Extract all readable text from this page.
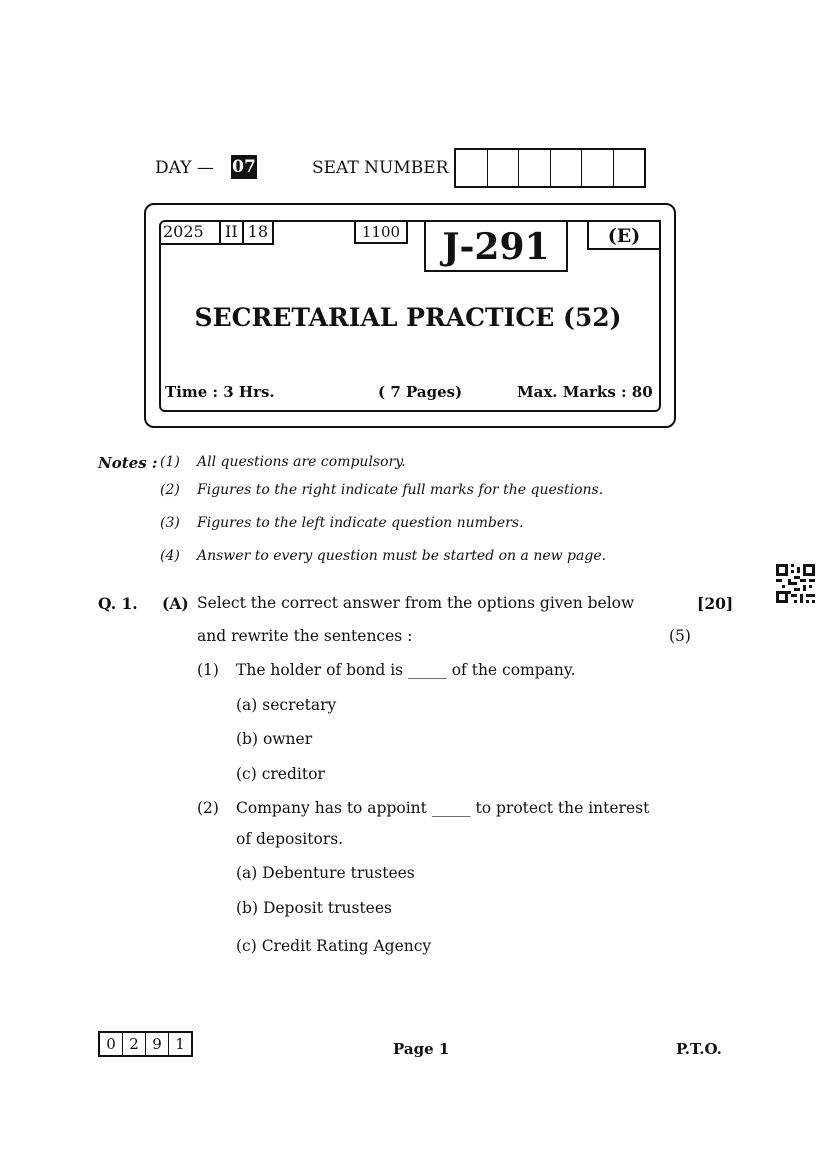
DAY — 07	SEAT NUMBER
2025	II 18	1100	J-291	(E)
SECRETARIAL PRACTICE (52)
Time : 3 Hrs.	( 7 Pages)	Max. Marks : 80
Notes : (1) All questions are compulsory.
(2) Figures to the right indicate full marks for the questions.
(3) Figures to the left indicate question numbers.
(4) Answer to every question must be started on a new page.
Q. 1. (A) Select the correct answer from the options given below	[20]
and rewrite the sentences :	(5)
(1) The holder of bond is _____ of the company.
(a) secretary
(b) owner
(c) creditor
(2) Company has to appoint _____ to protect the interest
of depositors.
(a) Debenture trustees
(b) Deposit trustees
(c) Credit Rating Agency
0 2 9 1	Page 1	P.T.O.
